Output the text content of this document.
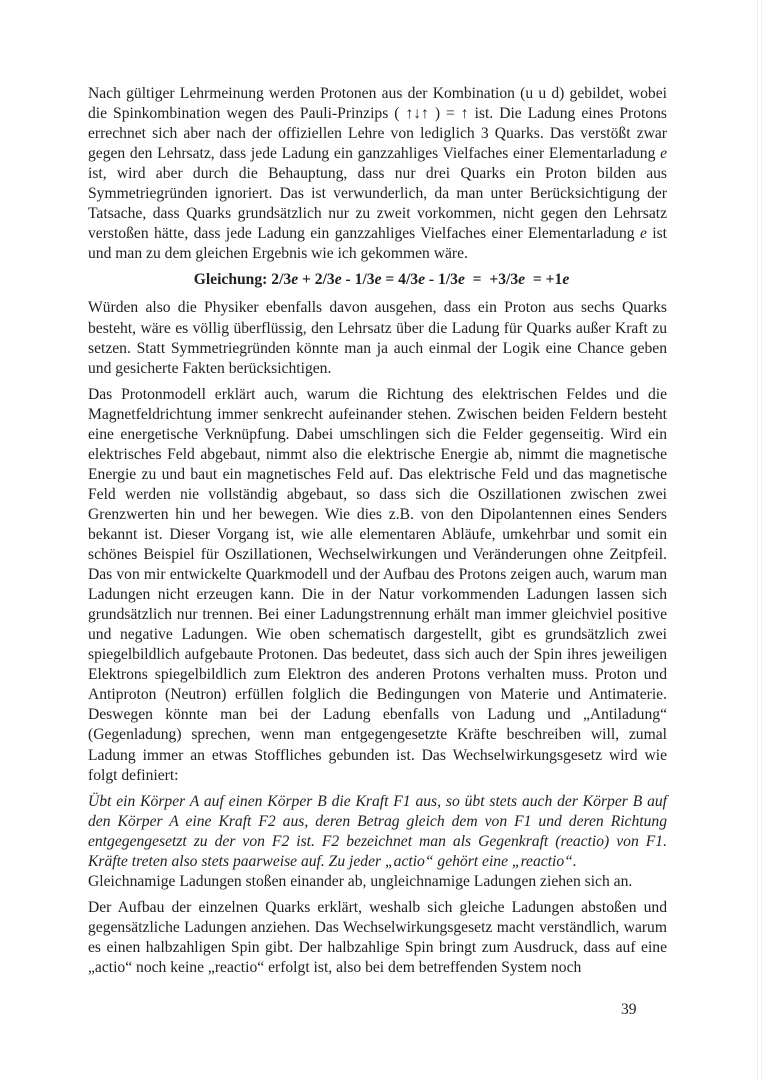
Nach gültiger Lehrmeinung werden Protonen aus der Kombination (u u d) gebildet, wobei die Spinkombination wegen des Pauli-Prinzips ( ↑↓↑ ) = ↑ ist. Die Ladung eines Protons errechnet sich aber nach der offiziellen Lehre von lediglich 3 Quarks. Das verstößt zwar gegen den Lehrsatz, dass jede Ladung ein ganzzahliges Vielfaches einer Elementarladung e ist, wird aber durch die Behauptung, dass nur drei Quarks ein Proton bilden aus Symmetriegründen ignoriert. Das ist verwunderlich, da man unter Berücksichtigung der Tatsache, dass Quarks grundsätzlich nur zu zweit vorkommen, nicht gegen den Lehrsatz verstoßen hätte, dass jede Ladung ein ganzzahliges Vielfaches einer Elementarladung e ist und man zu dem gleichen Ergebnis wie ich gekommen wäre.

Gleichung: 2/3e + 2/3e - 1/3e = 4/3e - 1/3e  =  +3/3e  = +1e

Würden also die Physiker ebenfalls davon ausgehen, dass ein Proton aus sechs Quarks besteht, wäre es völlig überflüssig, den Lehrsatz über die Ladung für Quarks außer Kraft zu setzen. Statt Symmetriegründen könnte man ja auch einmal der Logik eine Chance geben und gesicherte Fakten berücksichtigen.

Das Protonmodell erklärt auch, warum die Richtung des elektrischen Feldes und die Magnetfeldrichtung immer senkrecht aufeinander stehen. Zwischen beiden Feldern besteht eine energetische Verknüpfung. Dabei umschlingen sich die Felder gegenseitig. Wird ein elektrisches Feld abgebaut, nimmt also die elektrische Energie ab, nimmt die magnetische Energie zu und baut ein magnetisches Feld auf. Das elektrische Feld und das magnetische Feld werden nie vollständig abgebaut, so dass sich die Oszillationen zwischen zwei Grenzwerten hin und her bewegen. Wie dies z.B. von den Dipolantennen eines Senders bekannt ist. Dieser Vorgang ist, wie alle elementaren Abläufe, umkehrbar und somit ein schönes Beispiel für Oszillationen, Wechselwirkungen und Veränderungen ohne Zeitpfeil. Das von mir entwickelte Quarkmodell und der Aufbau des Protons zeigen auch, warum man Ladungen nicht erzeugen kann. Die in der Natur vorkommenden Ladungen lassen sich grundsätzlich nur trennen. Bei einer Ladungstrennung erhält man immer gleichviel positive und negative Ladungen. Wie oben schematisch dargestellt, gibt es grundsätzlich zwei spiegelbildlich aufgebaute Protonen. Das bedeutet, dass sich auch der Spin ihres jeweiligen Elektrons spiegelbildlich zum Elektron des anderen Protons verhalten muss. Proton und Antiproton (Neutron) erfüllen folglich die Bedingungen von Materie und Antimaterie. Deswegen könnte man bei der Ladung ebenfalls von Ladung und „Antiladung“ (Gegenladung) sprechen, wenn man entgegengesetzte Kräfte beschreiben will, zumal Ladung immer an etwas Stoffliches gebunden ist. Das Wechselwirkungsgesetz wird wie folgt definiert:

Übt ein Körper A auf einen Körper B die Kraft F1 aus, so übt stets auch der Körper B auf den Körper A eine Kraft F2 aus, deren Betrag gleich dem von F1 und deren Richtung entgegengesetzt zu der von F2 ist. F2 bezeichnet man als Gegenkraft (reactio) von F1. Kräfte treten also stets paarweise auf. Zu jeder „actio“ gehört eine „reactio“.

Gleichnamige Ladungen stoßen einander ab, ungleichnamige Ladungen ziehen sich an.

Der Aufbau der einzelnen Quarks erklärt, weshalb sich gleiche Ladungen abstoßen und gegensätzliche Ladungen anziehen. Das Wechselwirkungsgesetz macht verständlich, warum es einen halbzahligen Spin gibt. Der halbzahlige Spin bringt zum Ausdruck, dass auf eine „actio“ noch keine „reactio“ erfolgt ist, also bei dem betreffenden System noch

39
